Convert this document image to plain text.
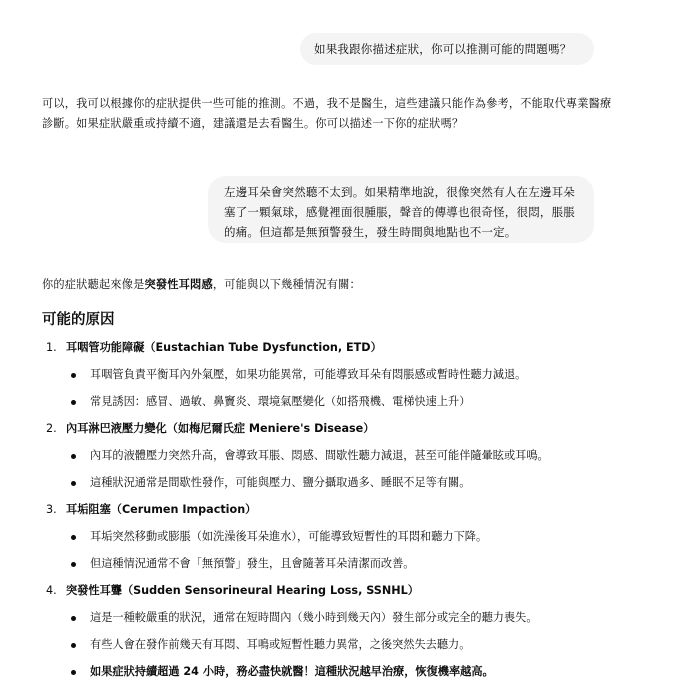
如果我跟你描述症狀，你可以推測可能的問題嗎？
可以，我可以根據你的症狀提供一些可能的推測。不過，我不是醫生，這些建議只能作為參考，不能取代專業醫療診斷。如果症狀嚴重或持續不適，建議還是去看醫生。你可以描述一下你的症狀嗎？
左邊耳朵會突然聽不太到。如果精準地說，很像突然有人在左邊耳朵塞了一顆氣球，感覺裡面很腫脹，聲音的傳導也很奇怪，很悶，脹脹的痛。但這都是無預警發生，發生時間與地點也不一定。
你的症狀聽起來像是突發性耳悶感，可能與以下幾種情況有關：
可能的原因
1. 耳咽管功能障礙（Eustachian Tube Dysfunction, ETD）
耳咽管負責平衡耳內外氣壓，如果功能異常，可能導致耳朵有悶脹感或暫時性聽力減退。
常見誘因：感冒、過敏、鼻竇炎、環境氣壓變化（如搭飛機、電梯快速上升）
2. 內耳淋巴液壓力變化（如梅尼爾氏症 Meniere's Disease）
內耳的液體壓力突然升高，會導致耳脹、悶感、間歇性聽力減退，甚至可能伴隨暈眩或耳鳴。
這種狀況通常是間歇性發作，可能與壓力、鹽分攝取過多、睡眠不足等有關。
3. 耳垢阻塞（Cerumen Impaction）
耳垢突然移動或膨脹（如洗澡後耳朵進水），可能導致短暫性的耳悶和聽力下降。
但這種情況通常不會「無預警」發生，且會隨著耳朵清潔而改善。
4. 突發性耳聾（Sudden Sensorineural Hearing Loss, SSNHL）
這是一種較嚴重的狀況，通常在短時間內（幾小時到幾天內）發生部分或完全的聽力喪失。
有些人會在發作前幾天有耳悶、耳鳴或短暫性聽力異常，之後突然失去聽力。
如果症狀持續超過 24 小時，務必盡快就醫！這種狀況越早治療，恢復機率越高。
